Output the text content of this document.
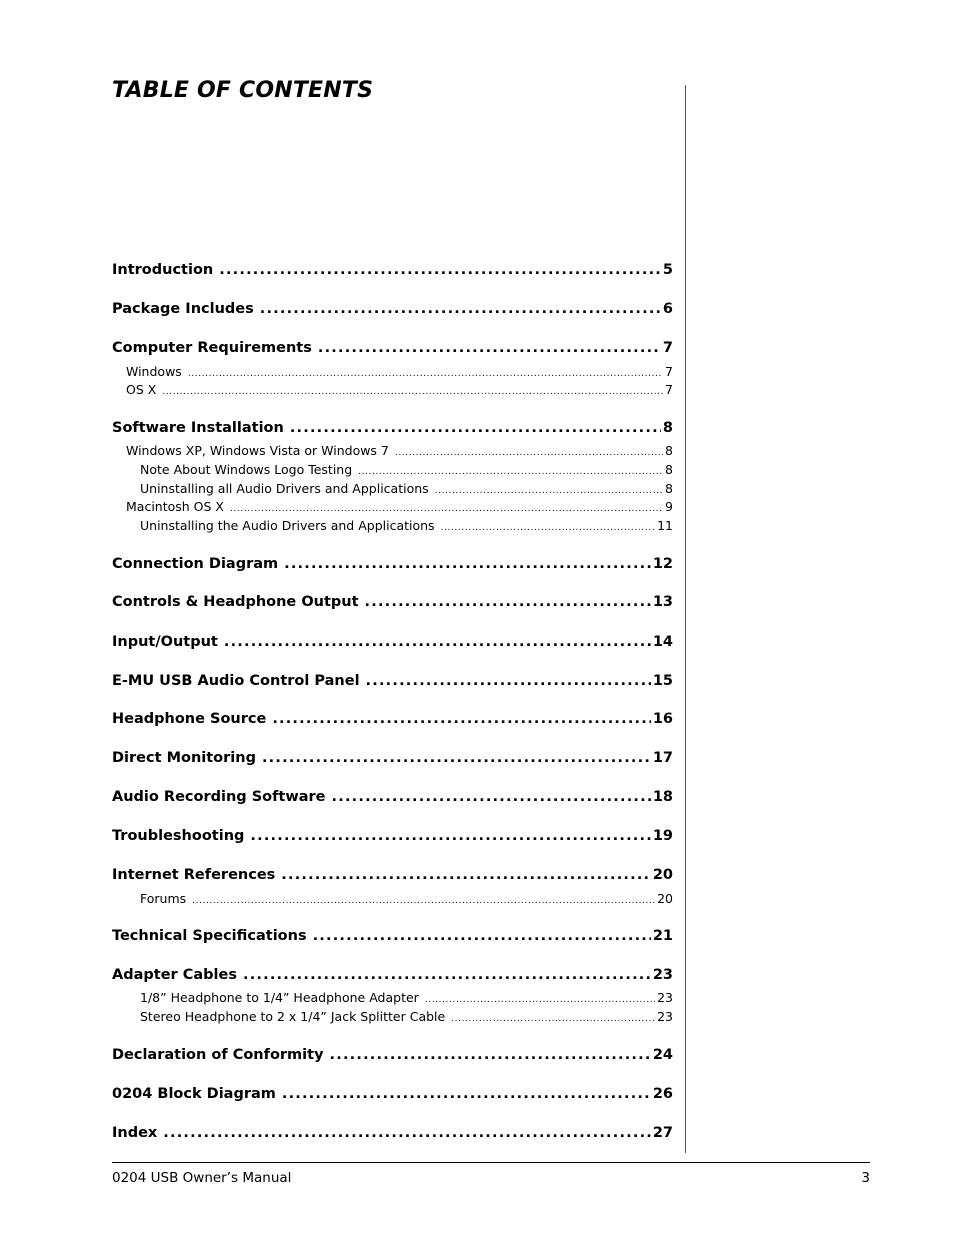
TABLE OF CONTENTS
Introduction .....	5
Package Includes .....	6
Computer Requirements .....	7
Windows .....	7
OS X .....	7
Software Installation .....	8
Windows XP, Windows Vista or Windows 7 .....	8
Note About Windows Logo Testing .....	8
Uninstalling all Audio Drivers and Applications .....	8
Macintosh OS X .....	9
Uninstalling the Audio Drivers and Applications .....	11
Connection Diagram .....	12
Controls & Headphone Output .....	13
Input/Output .....	14
E-MU USB Audio Control Panel .....	15
Headphone Source .....	16
Direct Monitoring .....	17
Audio Recording Software .....	18
Troubleshooting .....	19
Internet References .....	20
Forums .....	20
Technical Specifications .....	21
Adapter Cables .....	23
1/8” Headphone to 1/4” Headphone Adapter .....	23
Stereo Headphone to 2 x 1/4” Jack Splitter Cable .....	23
Declaration of Conformity .....	24
0204 Block Diagram .....	26
Index .....	27
0204 USB Owner’s Manual	3
